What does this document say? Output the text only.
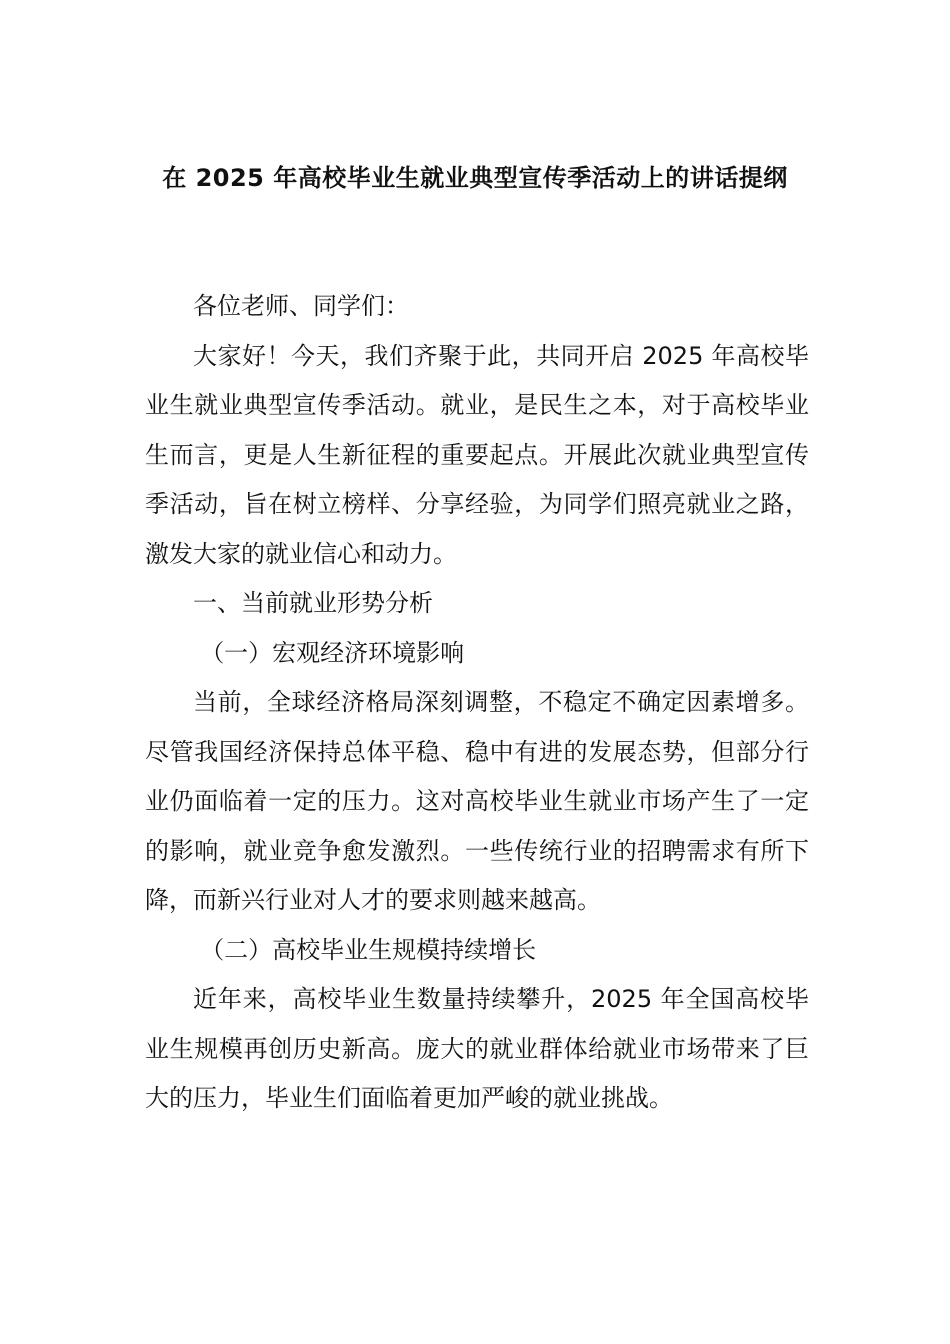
在 2025 年高校毕业生就业典型宣传季活动上的讲话提纲

各位老师、同学们：

大家好！今天，我们齐聚于此，共同开启 2025 年高校毕业生就业典型宣传季活动。就业，是民生之本，对于高校毕业生而言，更是人生新征程的重要起点。开展此次就业典型宣传季活动，旨在树立榜样、分享经验，为同学们照亮就业之路，激发大家的就业信心和动力。

一、当前就业形势分析

（一）宏观经济环境影响

当前，全球经济格局深刻调整，不稳定不确定因素增多。尽管我国经济保持总体平稳、稳中有进的发展态势，但部分行业仍面临着一定的压力。这对高校毕业生就业市场产生了一定的影响，就业竞争愈发激烈。一些传统行业的招聘需求有所下降，而新兴行业对人才的要求则越来越高。

（二）高校毕业生规模持续增长

近年来，高校毕业生数量持续攀升，2025 年全国高校毕业生规模再创历史新高。庞大的就业群体给就业市场带来了巨大的压力，毕业生们面临着更加严峻的就业挑战。
